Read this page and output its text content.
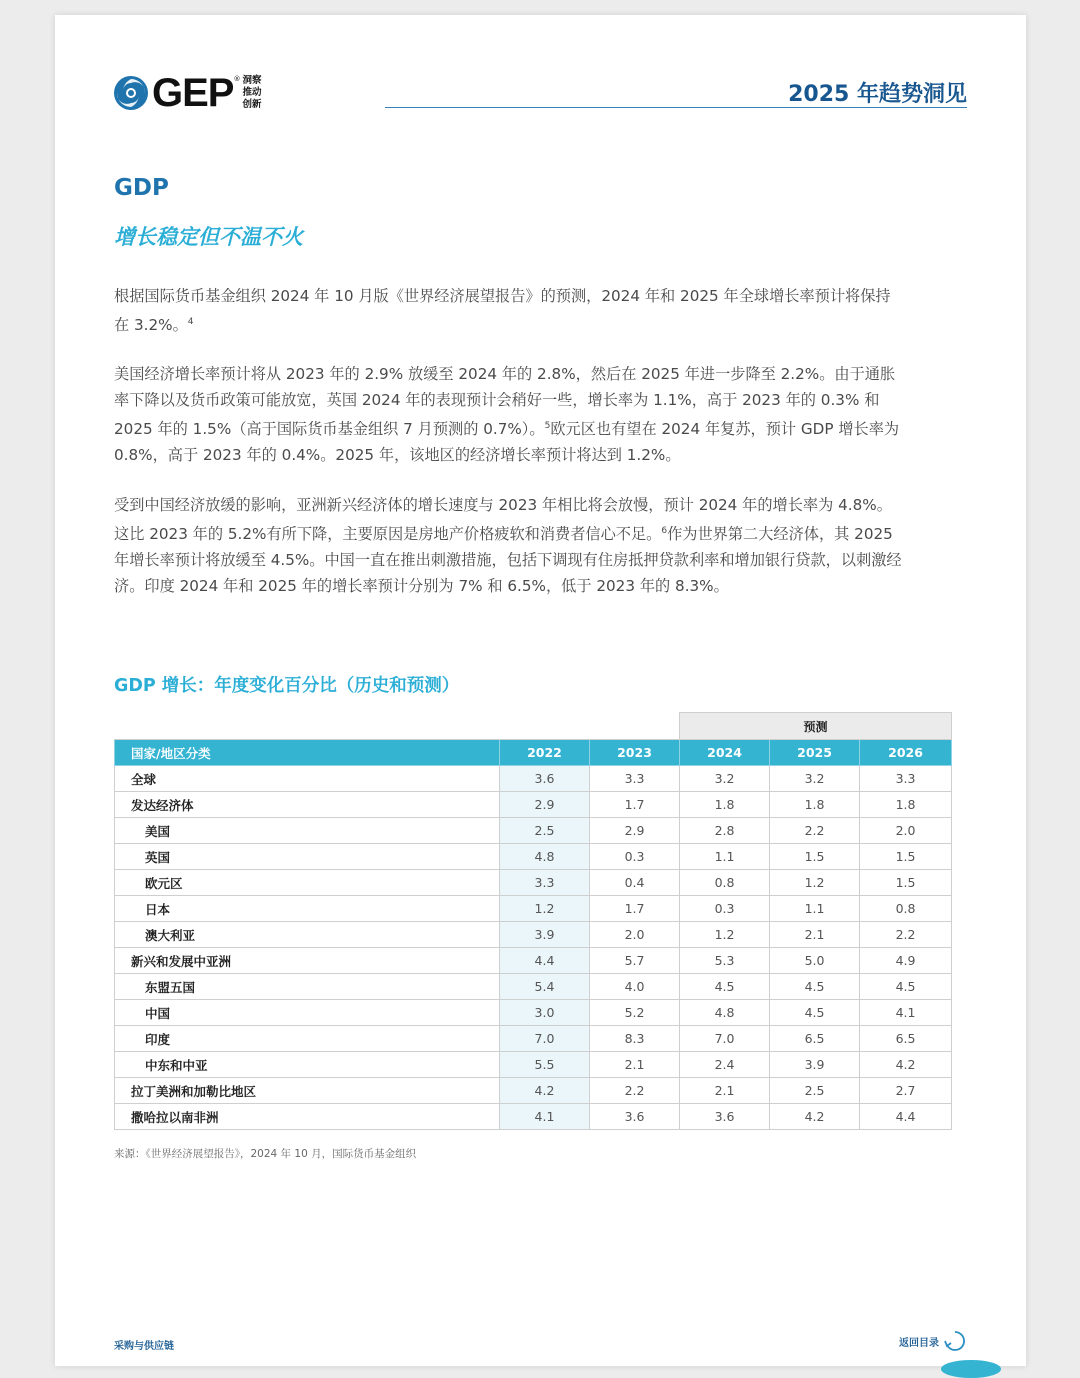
GEP ® 洞察
推动
创新	2025 年趋势洞见
GDP
增长稳定但不温不火

根据国际货币基金组织 2024 年 10 月版《世界经济展望报告》的预测，2024 年和 2025 年全球增长率预计将保持在 3.2%。$^4$

美国经济增长率预计将从 2023 年的 2.9% 放缓至 2024 年的 2.8%，然后在 2025 年进一步降至 2.2%。由于通胀率下降以及货币政策可能放宽，英国 2024 年的表现预计会稍好一些，增长率为 1.1%，高于 2023 年的 0.3% 和 2025 年的 1.5%（高于国际货币基金组织 7 月预测的 0.7%）。$^5$欧元区也有望在 2024 年复苏，预计 GDP 增长率为 0.8%，高于 2023 年的 0.4%。2025 年，该地区的经济增长率预计将达到 1.2%。

受到中国经济放缓的影响，亚洲新兴经济体的增长速度与 2023 年相比将会放慢，预计 2024 年的增长率为 4.8%。这比 2023 年的 5.2%有所下降，主要原因是房地产价格疲软和消费者信心不足。$^6$作为世界第二大经济体，其 2025 年增长率预计将放缓至 4.5%。中国一直在推出刺激措施，包括下调现有住房抵押贷款利率和增加银行贷款，以刺激经济。印度 2024 年和 2025 年的增长率预计分别为 7% 和 6.5%，低于 2023 年的 8.3%。

GDP 增长：年度变化百分比（历史和预测）
			预测		
国家/地区分类	2022	2023	2024	2025	2026
全球	3.6	3.3	3.2	3.2	3.3
发达经济体	2.9	1.7	1.8	1.8	1.8
美国	2.5	2.9	2.8	2.2	2.0
英国	4.8	0.3	1.1	1.5	1.5
欧元区	3.3	0.4	0.8	1.2	1.5
日本	1.2	1.7	0.3	1.1	0.8
澳大利亚	3.9	2.0	1.2	2.1	2.2
新兴和发展中亚洲	4.4	5.7	5.3	5.0	4.9
东盟五国	5.4	4.0	4.5	4.5	4.5
中国	3.0	5.2	4.8	4.5	4.1
印度	7.0	8.3	7.0	6.5	6.5
中东和中亚	5.5	2.1	2.4	3.9	4.2
拉丁美洲和加勒比地区	4.2	2.2	2.1	2.5	2.7
撒哈拉以南非洲	4.1	3.6	3.6	4.2	4.4
来源：《世界经济展望报告》，2024 年 10 月，国际货币基金组织
采购与供应链	返回目录
